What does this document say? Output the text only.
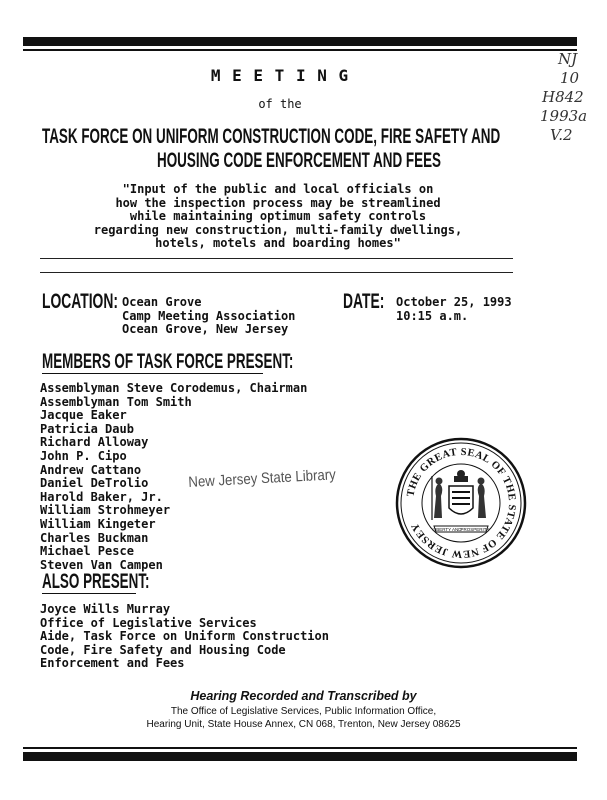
NJ
10
H842
1993a
V.2
M E E T I N G
of the
TASK FORCE ON UNIFORM CONSTRUCTION CODE, FIRE SAFETY AND
HOUSING CODE ENFORCEMENT AND FEES
"Input of the public and local officials on
how the inspection process may be streamlined
while maintaining optimum safety controls
regarding new construction, multi-family dwellings,
hotels, motels and boarding homes"
LOCATION: Ocean Grove
Camp Meeting Association
Ocean Grove, New Jersey
DATE: October 25, 1993
10:15 a.m.
MEMBERS OF TASK FORCE PRESENT:
Assemblyman Steve Corodemus, Chairman
Assemblyman Tom Smith
Jacque Eaker
Patricia Daub
Richard Alloway
John P. Cipo
Andrew Cattano
Daniel DeTrolio
Harold Baker, Jr.
William Strohmeyer
William Kingeter
Charles Buckman
Michael Pesce
Steven Van Campen
New Jersey State Library
THE GREAT SEAL OF THE STATE OF NEW JERSEY	LIBERTY AND
PROSPERITY
ALSO PRESENT:
Joyce Wills Murray
Office of Legislative Services
Aide, Task Force on Uniform Construction
Code, Fire Safety and Housing Code
Enforcement and Fees
Hearing Recorded and Transcribed by
The Office of Legislative Services, Public Information Office,
Hearing Unit, State House Annex, CN 068, Trenton, New Jersey 08625
